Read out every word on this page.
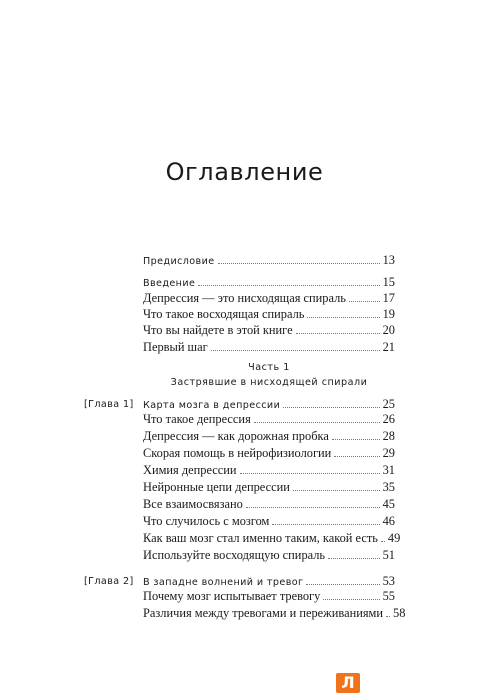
Оглавление
Предисловие	13
Введение	15
Депрессия — это нисходящая спираль	17
Что такое восходящая спираль	19
Что вы найдете в этой книге	20
Первый шаг	21
Часть 1
Застрявшие в нисходящей спирали
[Глава 1] Карта мозга в депрессии	25
Что такое депрессия	26
Депрессия — как дорожная пробка	28
Скорая помощь в нейрофизиологии	29
Химия депрессии	31
Нейронные цепи депрессии	35
Все взаимосвязано	45
Что случилось с мозгом	46
Как ваш мозг стал именно таким, какой есть 49
Используйте восходящую спираль	51
[Глава 2] В западне волнений и тревог	53
Почему мозг испытывает тревогу	55
Различия между тревогами и переживаниями 58
Л
